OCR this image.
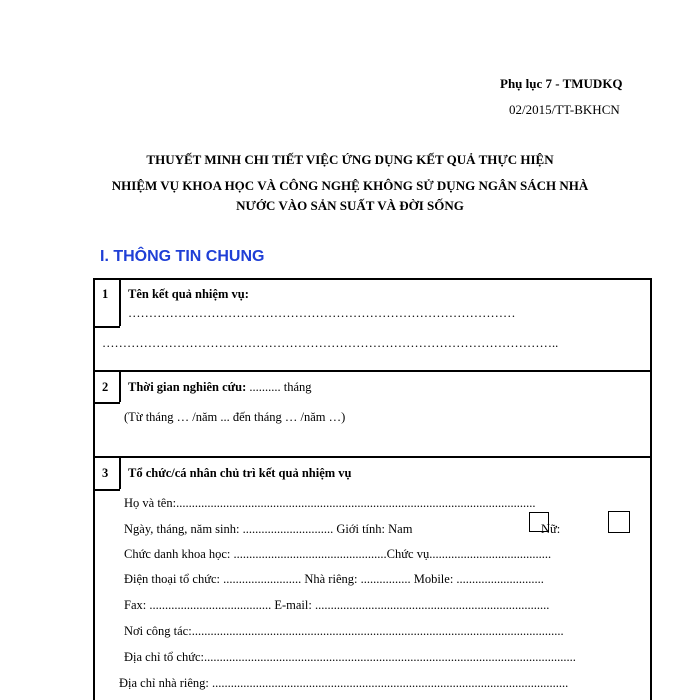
Phụ lục 7 - TMUDKQ
02/2015/TT-BKHCN
THUYẾT MINH CHI TIẾT VIỆC ỨNG DỤNG KẾT QUẢ THỰC HIỆN
NHIỆM VỤ KHOA HỌC VÀ CÔNG NGHỆ KHÔNG SỬ DỤNG NGÂN SÁCH NHÀ
NƯỚC VÀO SẢN SUẤT VÀ ĐỜI SỐNG
I. THÔNG TIN CHUNG
1 Tên kết quả nhiệm vụ:
…………………………………………………………………………………
………………………………………………………………………………………………..
2 Thời gian nghiên cứu: .......... tháng
(Từ tháng … /năm ... đến tháng … /năm …)
3 Tổ chức/cá nhân chủ trì kết quả nhiệm vụ
Họ và tên:...................................................................................................................
Ngày, tháng, năm sinh: ............................. Giới tính: Nam	Nữ:
Chức danh khoa học: .................................................Chức vụ.......................................
Điện thoại tổ chức: ......................... Nhà riêng: ................ Mobile: ............................
Fax: ....................................... E-mail: ...........................................................................
Nơi công tác:.......................................................................................................................
Địa chỉ tổ chức:.......................................................................................................................
Địa chỉ nhà riêng: ..................................................................................................................
